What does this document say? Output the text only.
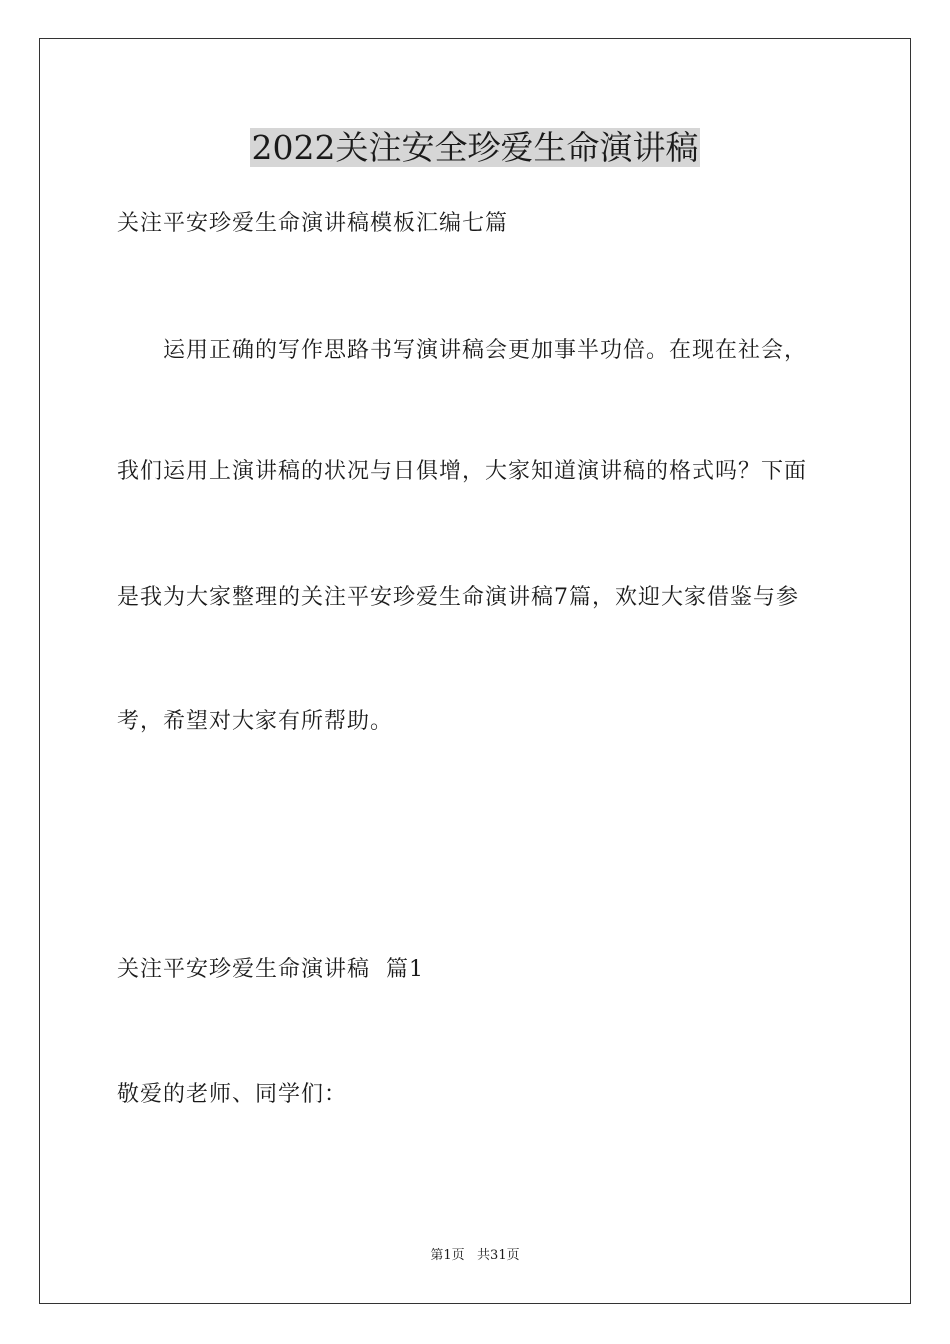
2022关注安全珍爱生命演讲稿
关注平安珍爱生命演讲稿模板汇编七篇
运用正确的写作思路书写演讲稿会更加事半功倍。在现在社会，
我们运用上演讲稿的状况与日俱增，大家知道演讲稿的格式吗？下面
是我为大家整理的关注平安珍爱生命演讲稿7篇，欢迎大家借鉴与参
考，希望对大家有所帮助。
关注平安珍爱生命演讲稿  篇1
敬爱的老师、同学们：
第1页   共31页
